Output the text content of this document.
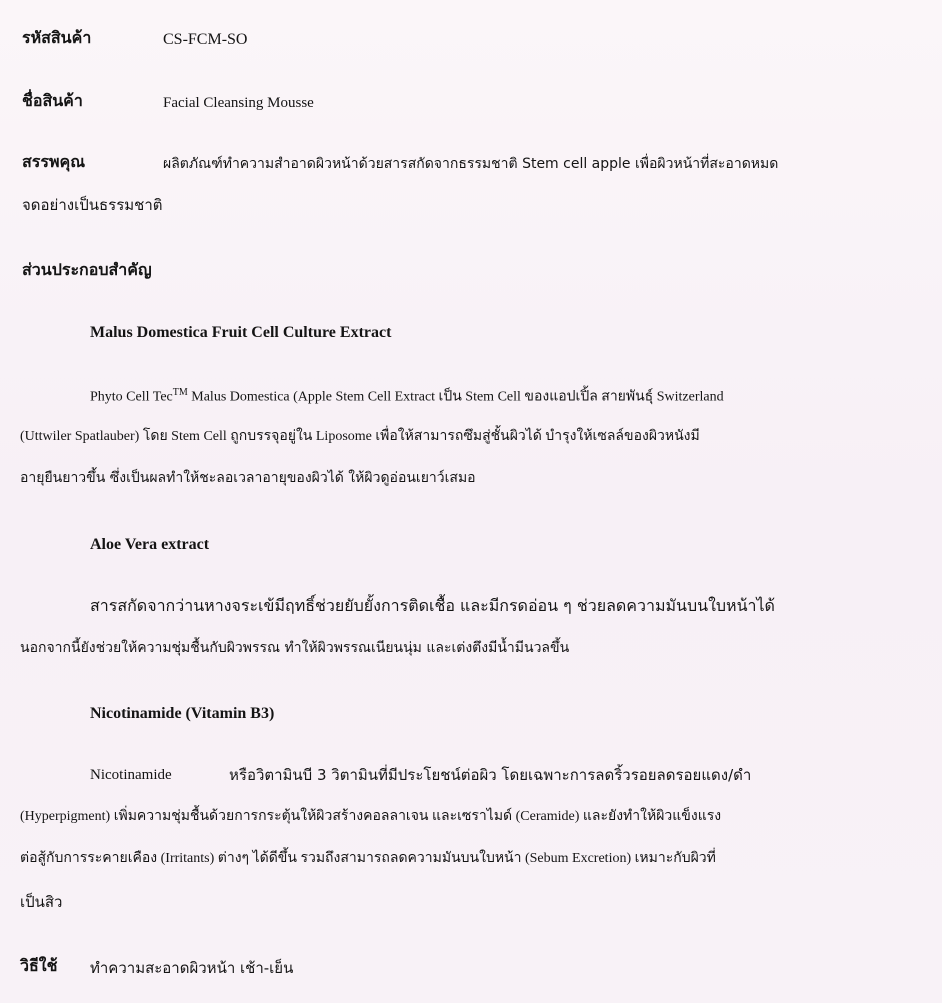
รหัสสินค้า	CS-FCM-SO
ชื่อสินค้า	Facial Cleansing Mousse
สรรพคุณ	ผลิตภัณฑ์ทำความสำอาดผิวหน้าด้วยสารสกัดจากธรรมชาติ Stem cell apple เพื่อผิวหน้าที่สะอาดหมด
จดอย่างเป็นธรรมชาติ
ส่วนประกอบสำคัญ
Malus Domestica Fruit Cell Culture Extract
Phyto Cell Tec™ Malus Domestica (Apple Stem Cell Extract เป็น Stem Cell ของแอปเปิ้ล สายพันธุ์ Switzerland
(Uttwiler Spatlauber) โดย Stem Cell ถูกบรรจุอยู่ใน Liposome เพื่อให้สามารถซึมสู่ชั้นผิวได้ บำรุงให้เซลล์ของผิวหนังมี
อายุยืนยาวขึ้น ซึ่งเป็นผลทำให้ชะลอเวลาอายุของผิวได้ ให้ผิวดูอ่อนเยาว์เสมอ
Aloe Vera extract
สารสกัดจากว่านหางจระเข้มีฤทธิ์ช่วยยับยั้งการติดเชื้อ และมีกรดอ่อน ๆ ช่วยลดความมันบนใบหน้าได้
นอกจากนี้ยังช่วยให้ความชุ่มชื้นกับผิวพรรณ ทำให้ผิวพรรณเนียนนุ่ม และเต่งตึงมีน้ำมีนวลขึ้น
Nicotinamide (Vitamin B3)
Nicotinamide	หรือวิตามินบี 3 วิตามินที่มีประโยชน์ต่อผิว โดยเฉพาะการลดริ้วรอยลดรอยแดง/ดำ
(Hyperpigment) เพิ่มความชุ่มชื้นด้วยการกระตุ้นให้ผิวสร้างคอลลาเจน และเซราไมด์ (Ceramide) และยังทำให้ผิวแข็งแรง
ต่อสู้กับการระคายเคือง (Irritants) ต่างๆ ได้ดีขึ้น รวมถึงสามารถลดความมันบนใบหน้า (Sebum Excretion) เหมาะกับผิวที่
เป็นสิว
วิธีใช้ ทำความสะอาดผิวหน้า เช้า-เย็น
